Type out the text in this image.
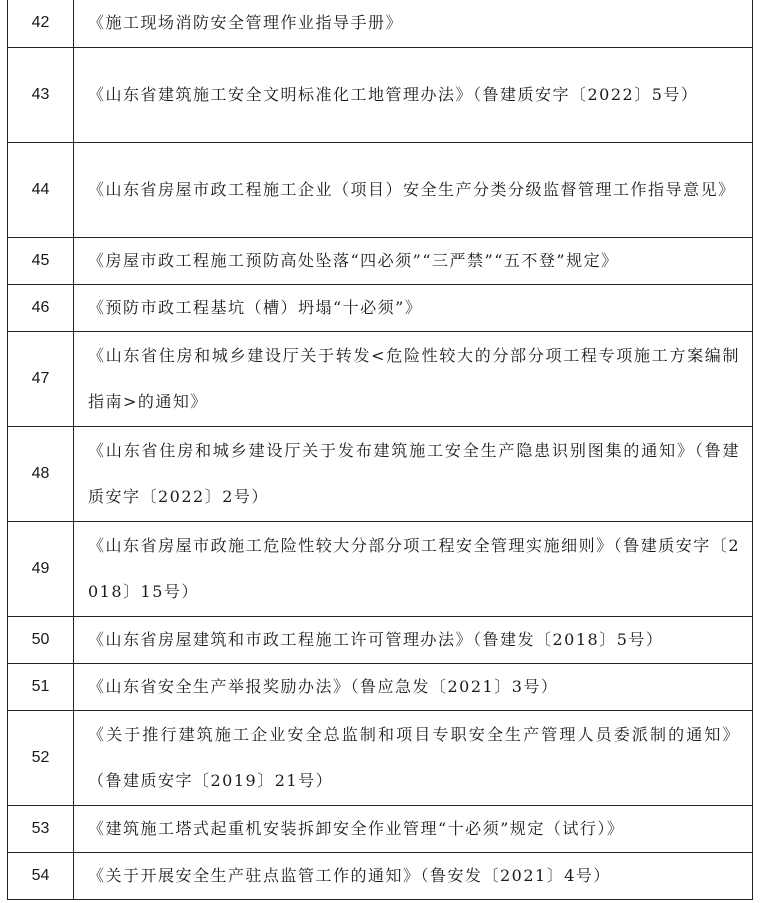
42	《施工现场消防安全管理作业指导手册》
43	《山东省建筑施工安全文明标准化工地管理办法》（鲁建质安字〔2022〕5号）
44	《山东省房屋市政工程施工企业（项目）安全生产分类分级监督管理工作指导意见》
45	《房屋市政工程施工预防高处坠落“四必须”“三严禁”“五不登”规定》
46	《预防市政工程基坑（槽）坍塌“十必须”》
47	《山东省住房和城乡建设厅关于转发<危险性较大的分部分项工程专项施工方案编制指南>的通知》
48	《山东省住房和城乡建设厅关于发布建筑施工安全生产隐患识别图集的通知》（鲁建质安字〔2022〕2号）
49	《山东省房屋市政施工危险性较大分部分项工程安全管理实施细则》（鲁建质安字〔2018〕15号）
50	《山东省房屋建筑和市政工程施工许可管理办法》（鲁建发〔2018〕5号）
51	《山东省安全生产举报奖励办法》（鲁应急发〔2021〕3号）
52	《关于推行建筑施工企业安全总监制和项目专职安全生产管理人员委派制的通知》（鲁建质安字〔2019〕21号）
53	《建筑施工塔式起重机安装拆卸安全作业管理“十必须”规定（试行）》
54	《关于开展安全生产驻点监管工作的通知》（鲁安发〔2021〕4号）
